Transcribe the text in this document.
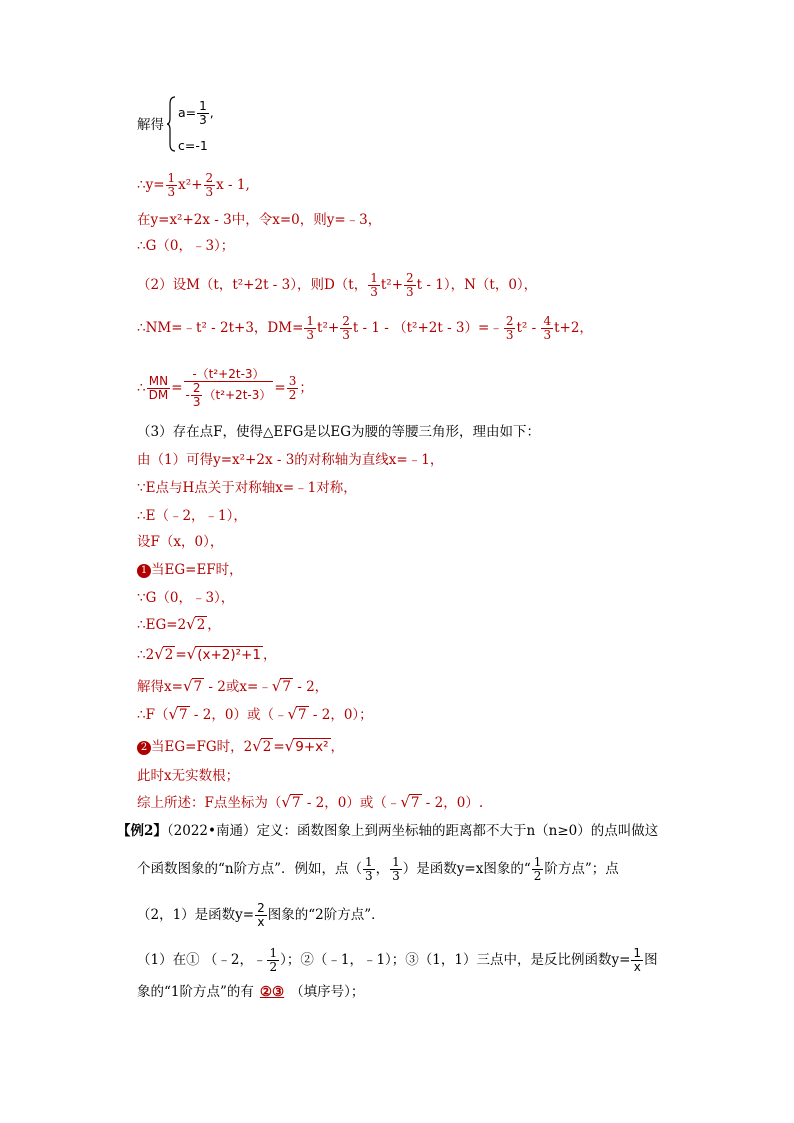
解得
$a= \frac{1}{3}$ ,
c=-1
∴y= $\frac{1}{3} x^2+ \frac{2}{3}$ x - 1,
在y=x²+2x - 3中，令x=0，则y=﹣3，
∴G（0，﹣3）；
（2）设M（t，t²+2t - 3），则D（t， $\frac{1}{3} t^2+ \frac{2}{3}$ t - 1），N（t，0），
∴NM=﹣t² - 2t+3，$DM= \frac{1}{3} t^2+ \frac{2}{3}$ t - 1 - （t²+2t - 3）=﹣ $\frac{2}{3} t^2 - \frac{4}{3} t+2$，
∴ $\frac{MN}{DM} = \frac{\text{-（t²+2t-3）}}{- \frac{2}{3} (t^2+2t-3)} = \frac{3}{2}$ ；
（3）存在点F，使得△EFG是以EG为腰的等腰三角形，理由如下：
由（1）可得y=x²+2x - 3的对称轴为直线x=﹣1，
∵E点与H点关于对称轴x=﹣1对称，
∴E（﹣2，﹣1），
设F（x，0），
1 当EG=EF时，
∵G（0，﹣3），
∴EG=2√2 ，
∴2√2 =√(x+2)²+1 ，
解得x=√7 - 2或x=﹣√7 - 2，
∴F（√7 - 2，0）或（﹣√7 - 2，0）；
2 当EG=FG时，2√2 =√9+x² ，
此时x无实数根；
综上所述：F点坐标为（√7 - 2，0）或（﹣√7 - 2，0）.
【例2】（2022•南通）定义：函数图象上到两坐标轴的距离都不大于n（n≥0）的点叫做这
个函数图象的“n阶方点”．例如，点（ $\frac{1}{3}$ ， $\frac{1}{3}$ ）是函数y=x图象的“ $\frac{1}{2}$ 阶方点”；点
（2，1）是函数$y= \frac{2}{x}$ 图象的“2阶方点”．
（1）在① （﹣2，﹣ $\frac{1}{2}$ ）；②（﹣1，﹣1）；③（1，1）三点中，是反比例函数$y= \frac{1}{x}$ 图
象的“1阶方点”的有 ②③ （填序号）；
